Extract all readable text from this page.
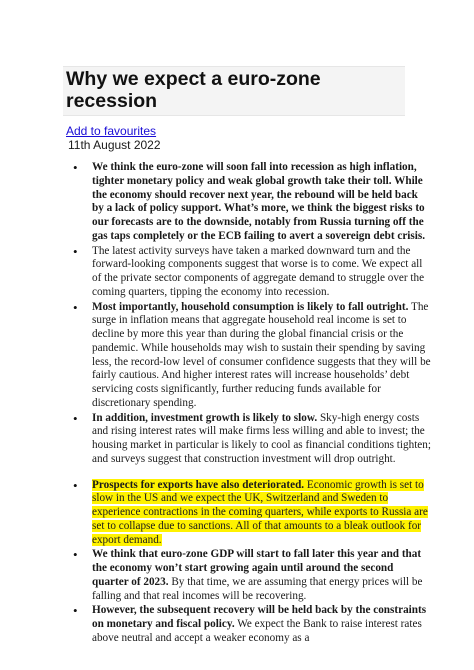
Why we expect a euro-zone recession
Add to favourites
11th August 2022
• We think the euro-zone will soon fall into recession as high inflation, tighter monetary policy and weak global growth take their toll. While the economy should recover next year, the rebound will be held back by a lack of policy support. What’s more, we think the biggest risks to our forecasts are to the downside, notably from Russia turning off the gas taps completely or the ECB failing to avert a sovereign debt crisis.
• The latest activity surveys have taken a marked downward turn and the forward-looking components suggest that worse is to come. We expect all of the private sector components of aggregate demand to struggle over the coming quarters, tipping the economy into recession.
• Most importantly, household consumption is likely to fall outright. The surge in inflation means that aggregate household real income is set to decline by more this year than during the global financial crisis or the pandemic. While households may wish to sustain their spending by saving less, the record-low level of consumer confidence suggests that they will be fairly cautious. And higher interest rates will increase households’ debt servicing costs significantly, further reducing funds available for discretionary spending.
• In addition, investment growth is likely to slow. Sky-high energy costs and rising interest rates will make firms less willing and able to invest; the housing market in particular is likely to cool as financial conditions tighten; and surveys suggest that construction investment will drop outright.
• Prospects for exports have also deteriorated. Economic growth is set to slow in the US and we expect the UK, Switzerland and Sweden to experience contractions in the coming quarters, while exports to Russia are set to collapse due to sanctions. All of that amounts to a bleak outlook for export demand.
• We think that euro-zone GDP will start to fall later this year and that the economy won’t start growing again until around the second quarter of 2023. By that time, we are assuming that energy prices will be falling and that real incomes will be recovering.
• However, the subsequent recovery will be held back by the constraints on monetary and fiscal policy. We expect the Bank to raise interest rates above neutral and accept a weaker economy as a
